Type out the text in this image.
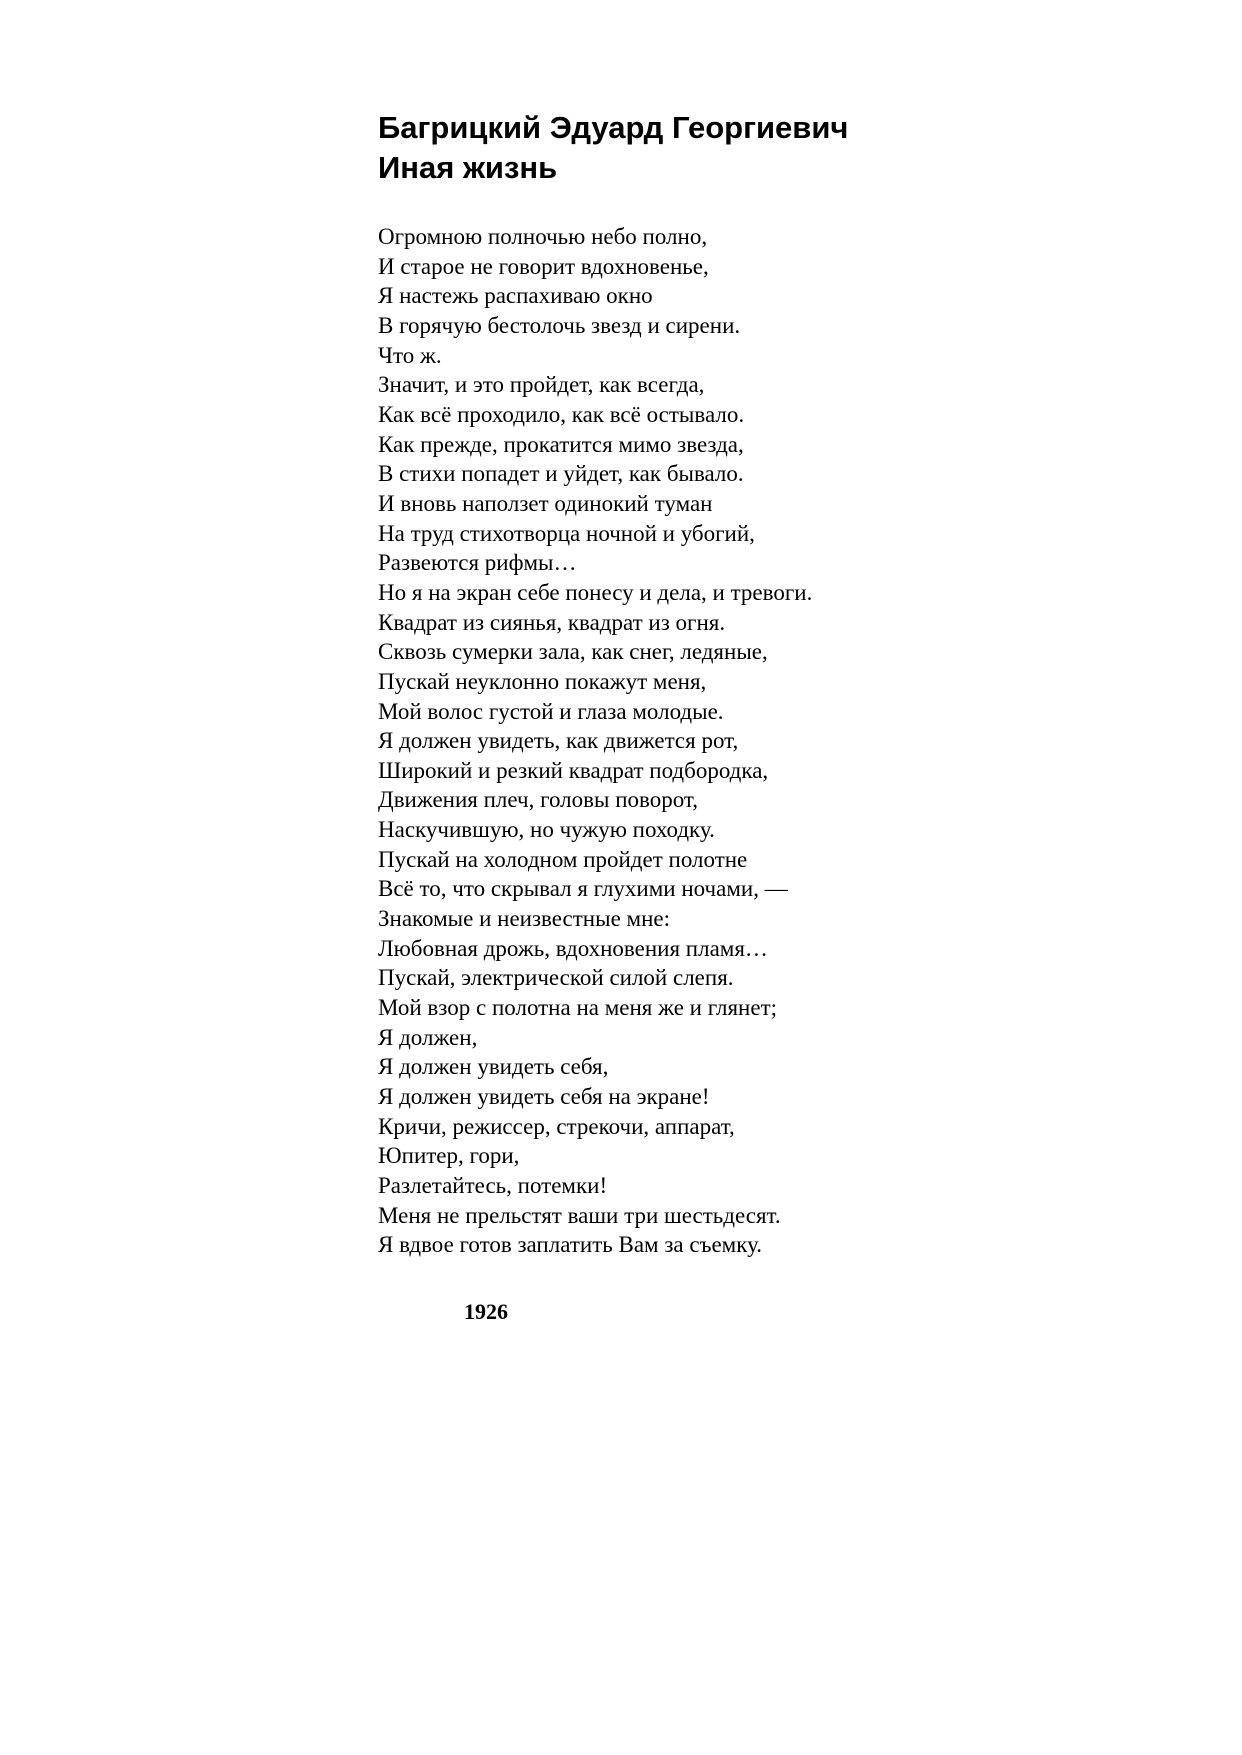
Багрицкий Эдуард Георгиевич
Иная жизнь
Огромною полночью небо полно,
И старое не говорит вдохновенье,
Я настежь распахиваю окно
В горячую бестолочь звезд и сирени.
Что ж.
Значит, и это пройдет, как всегда,
Как всё проходило, как всё остывало.
Как прежде, прокатится мимо звезда,
В стихи попадет и уйдет, как бывало.
И вновь наползет одинокий туман
На труд стихотворца ночной и убогий,
Развеются рифмы…
Но я на экран себе понесу и дела, и тревоги.
Квадрат из сиянья, квадрат из огня.
Сквозь сумерки зала, как снег, ледяные,
Пускай неуклонно покажут меня,
Мой волос густой и глаза молодые.
Я должен увидеть, как движется рот,
Широкий и резкий квадрат подбородка,
Движения плеч, головы поворот,
Наскучившую, но чужую походку.
Пускай на холодном пройдет полотне
Всё то, что скрывал я глухими ночами, —
Знакомые и неизвестные мне:
Любовная дрожь, вдохновения пламя…
Пускай, электрической силой слепя.
Мой взор с полотна на меня же и глянет;
Я должен,
Я должен увидеть себя,
Я должен увидеть себя на экране!
Кричи, режиссер, стрекочи, аппарат,
Юпитер, гори,
Разлетайтесь, потемки!
Меня не прельстят ваши три шестьдесят.
Я вдвое готов заплатить Вам за съемку.
1926
